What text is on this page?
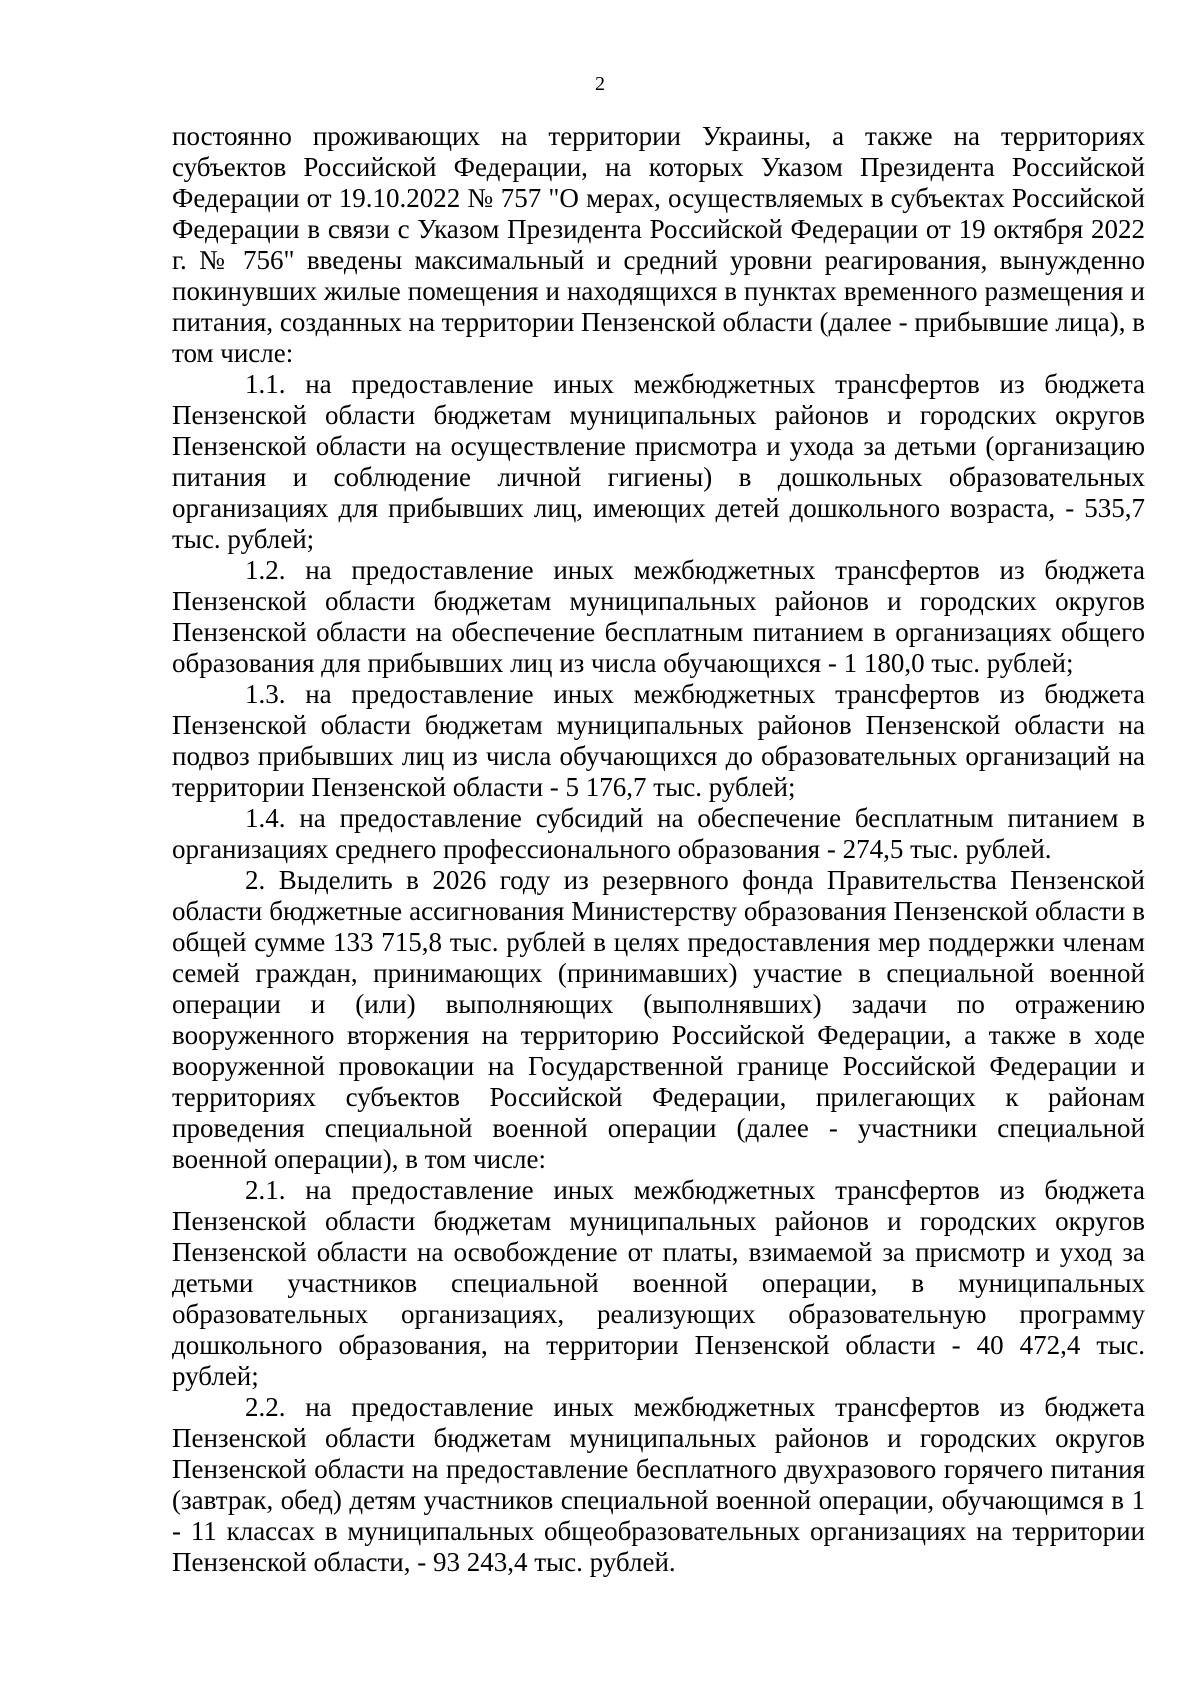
2

постоянно проживающих на территории Украины, а также на территориях субъектов Российской Федерации, на которых Указом Президента Российской Федерации от 19.10.2022 № 757 "О мерах, осуществляемых в субъектах Российской Федерации в связи с Указом Президента Российской Федерации от 19 октября 2022 г. № 756" введены максимальный и средний уровни реагирования, вынужденно покинувших жилые помещения и находящихся в пунктах временного размещения и питания, созданных на территории Пензенской области (далее - прибывшие лица), в том числе:

1.1. на предоставление иных межбюджетных трансфертов из бюджета Пензенской области бюджетам муниципальных районов и городских округов Пензенской области на осуществление присмотра и ухода за детьми (организацию питания и соблюдение личной гигиены) в дошкольных образовательных организациях для прибывших лиц, имеющих детей дошкольного возраста, - 535,7 тыс. рублей;

1.2. на предоставление иных межбюджетных трансфертов из бюджета Пензенской области бюджетам муниципальных районов и городских округов Пензенской области на обеспечение бесплатным питанием в организациях общего образования для прибывших лиц из числа обучающихся - 1 180,0 тыс. рублей;

1.3. на предоставление иных межбюджетных трансфертов из бюджета Пензенской области бюджетам муниципальных районов Пензенской области на подвоз прибывших лиц из числа обучающихся до образовательных организаций на территории Пензенской области - 5 176,7 тыс. рублей;

1.4. на предоставление субсидий на обеспечение бесплатным питанием в организациях среднего профессионального образования - 274,5 тыс. рублей.

2. Выделить в 2026 году из резервного фонда Правительства Пензенской области бюджетные ассигнования Министерству образования Пензенской области в общей сумме 133 715,8 тыс. рублей в целях предоставления мер поддержки членам семей граждан, принимающих (принимавших) участие в специальной военной операции и (или) выполняющих (выполнявших) задачи по отражению вооруженного вторжения на территорию Российской Федерации, а также в ходе вооруженной провокации на Государственной границе Российской Федерации и территориях субъектов Российской Федерации, прилегающих к районам проведения специальной военной операции (далее - участники специальной военной операции), в том числе:

2.1. на предоставление иных межбюджетных трансфертов из бюджета Пензенской области бюджетам муниципальных районов и городских округов Пензенской области на освобождение от платы, взимаемой за присмотр и уход за детьми участников специальной военной операции, в муниципальных образовательных организациях, реализующих образовательную программу дошкольного образования, на территории Пензенской области - 40 472,4 тыс. рублей;

2.2. на предоставление иных межбюджетных трансфертов из бюджета Пензенской области бюджетам муниципальных районов и городских округов Пензенской области на предоставление бесплатного двухразового горячего питания (завтрак, обед) детям участников специальной военной операции, обучающимся в 1 - 11 классах в муниципальных общеобразовательных организациях на территории Пензенской области, - 93 243,4 тыс. рублей.
